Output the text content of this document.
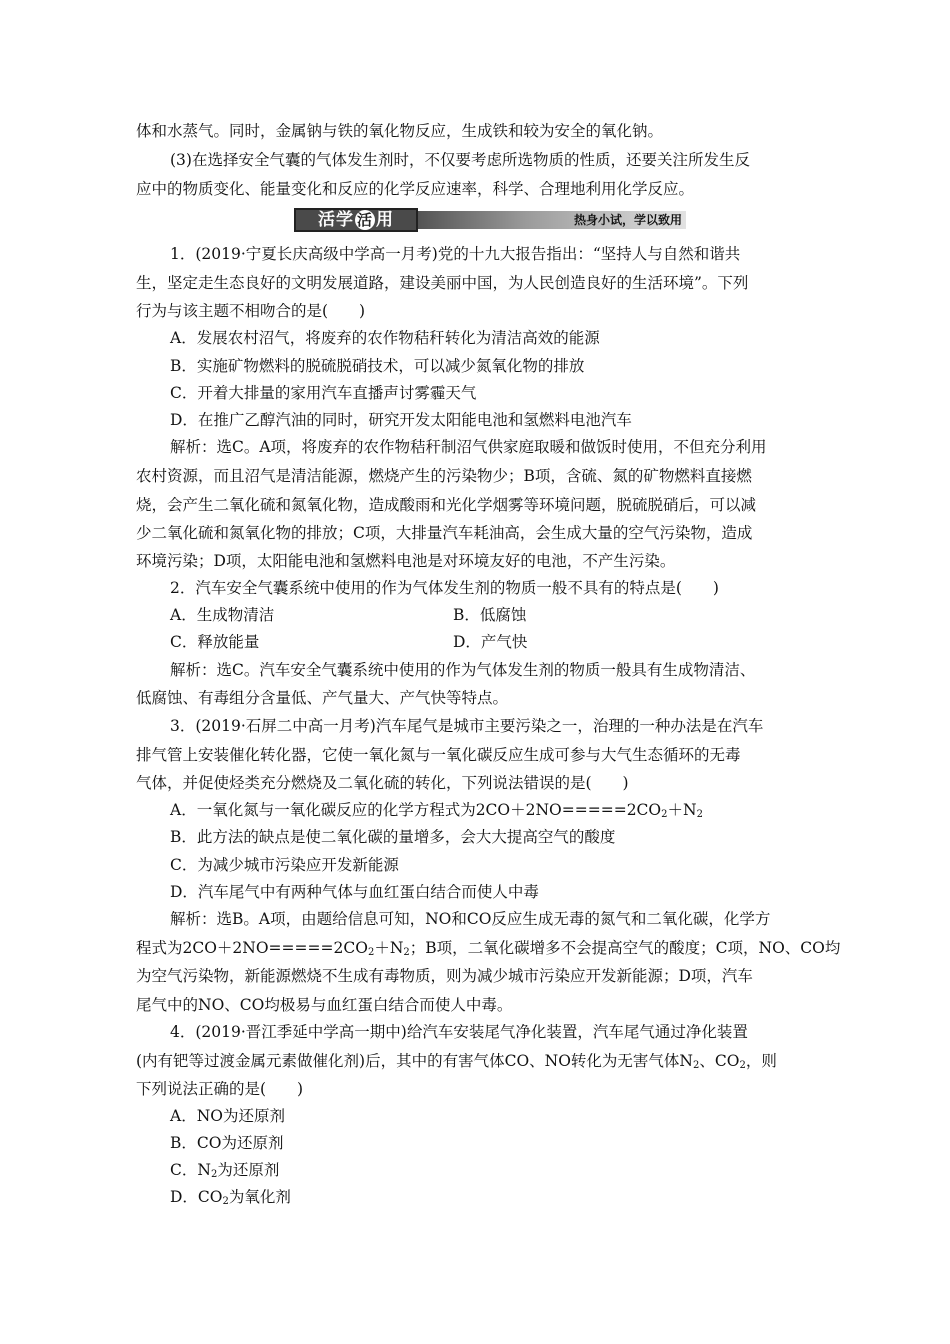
体和水蒸气。同时，金属钠与铁的氧化物反应，生成铁和较为安全的氧化钠。
(3)在选择安全气囊的气体发生剂时，不仅要考虑所选物质的性质，还要关注所发生反
应中的物质变化、能量变化和反应的化学反应速率，科学、合理地利用化学反应。
活学 活 用	热身小试，学以致用
1．(2019·宁夏长庆高级中学高一月考)党的十九大报告指出：“坚持人与自然和谐共
生，坚定走生态良好的文明发展道路，建设美丽中国，为人民创造良好的生活环境”。下列
行为与该主题不相吻合的是(　　)
A．发展农村沼气，将废弃的农作物秸秆转化为清洁高效的能源
B．实施矿物燃料的脱硫脱硝技术，可以减少氮氧化物的排放
C．开着大排量的家用汽车直播声讨雾霾天气
D．在推广乙醇汽油的同时，研究开发太阳能电池和氢燃料电池汽车
解析：选C。A项，将废弃的农作物秸秆制沼气供家庭取暖和做饭时使用，不但充分利用
农村资源，而且沼气是清洁能源，燃烧产生的污染物少；B项，含硫、氮的矿物燃料直接燃
烧，会产生二氧化硫和氮氧化物，造成酸雨和光化学烟雾等环境问题，脱硫脱硝后，可以减
少二氧化硫和氮氧化物的排放；C项，大排量汽车耗油高，会生成大量的空气污染物，造成
环境污染；D项，太阳能电池和氢燃料电池是对环境友好的电池，不产生污染。
2．汽车安全气囊系统中使用的作为气体发生剂的物质一般不具有的特点是(　　)
A．生成物清洁	B．低腐蚀
C．释放能量	D．产气快
解析：选C。汽车安全气囊系统中使用的作为气体发生剂的物质一般具有生成物清洁、
低腐蚀、有毒组分含量低、产气量大、产气快等特点。
3．(2019·石屏二中高一月考)汽车尾气是城市主要污染之一，治理的一种办法是在汽车
排气管上安装催化转化器，它使一氧化氮与一氧化碳反应生成可参与大气生态循环的无毒
气体，并促使烃类充分燃烧及二氧化硫的转化，下列说法错误的是(　　)
A．一氧化氮与一氧化碳反应的化学方程式为$2CO+2NO=====2CO_2+N_2$
B．此方法的缺点是使二氧化碳的量增多，会大大提高空气的酸度
C．为减少城市污染应开发新能源
D．汽车尾气中有两种气体与血红蛋白结合而使人中毒
解析：选B。A项，由题给信息可知，NO和CO反应生成无毒的氮气和二氧化碳，化学方
程式为$2CO+2NO=====2CO_2+N_2$；B项，二氧化碳增多不会提高空气的酸度；C项，NO、CO均
为空气污染物，新能源燃烧不生成有毒物质，则为减少城市污染应开发新能源；D项，汽车
尾气中的NO、CO均极易与血红蛋白结合而使人中毒。
4．(2019·晋江季延中学高一期中)给汽车安装尾气净化装置，汽车尾气通过净化装置
(内有钯等过渡金属元素做催化剂)后，其中的有害气体CO、NO转化为无害气体$N_2$、$CO_2$，则
下列说法正确的是(　　)
A．NO为还原剂
B．CO为还原剂
C．$N_2$为还原剂
D．$CO_2$为氧化剂
